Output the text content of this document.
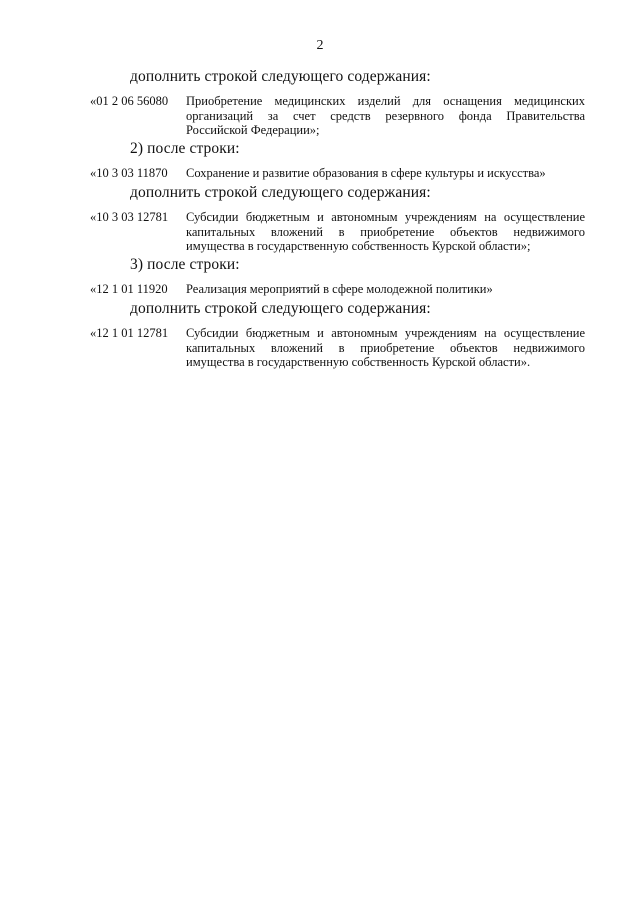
2
дополнить строкой следующего содержания:
«01 2 06 56080 Приобретение медицинских изделий для оснащения медицинских
организаций за счет средств резервного фонда Правительства
Российской Федерации»;
2) после строки:
«10 3 03 11870 Сохранение и развитие образования в сфере культуры и искусства»
дополнить строкой следующего содержания:
«10 3 03 12781 Субсидии бюджетным и автономным учреждениям на осуществление
капитальных вложений в приобретение объектов недвижимого
имущества в государственную собственность Курской области»;
3) после строки:
«12 1 01 11920 Реализация мероприятий в сфере молодежной политики»
дополнить строкой следующего содержания:
«12 1 01 12781 Субсидии бюджетным и автономным учреждениям на осуществление
капитальных вложений в приобретение объектов недвижимого
имущества в государственную собственность Курской области».
